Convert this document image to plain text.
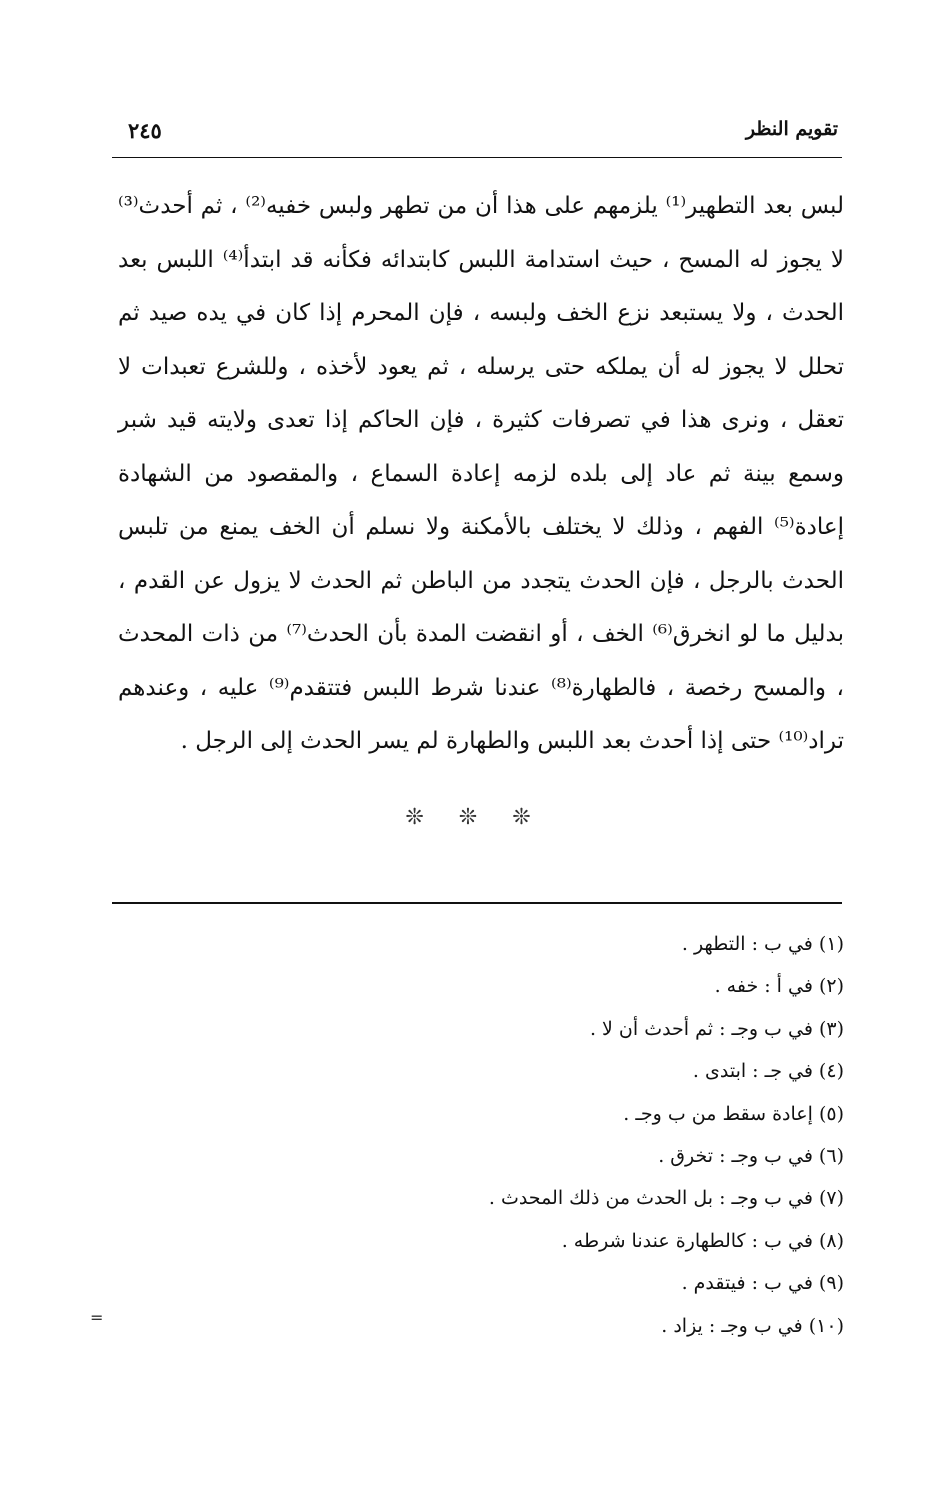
تقويم النظر
٢٤٥

لبس بعد التطهير⁽¹⁾ يلزمهم على هذا أن من تطهر ولبس خفيه⁽²⁾ ، ثم أحدث⁽³⁾ لا يجوز له المسح ، حيث استدامة اللبس كابتدائه فكأنه قد ابتدأ⁽⁴⁾ اللبس بعد الحدث ، ولا يستبعد نزع الخف ولبسه ، فإن المحرم إذا كان في يده صيد ثم تحلل لا يجوز له أن يملكه حتى يرسله ، ثم يعود لأخذه ، وللشرع تعبدات لا تعقل ، ونرى هذا في تصرفات كثيرة ، فإن الحاكم إذا تعدى ولايته قيد شبر وسمع بينة ثم عاد إلى بلده لزمه إعادة السماع ، والمقصود من الشهادة إعادة⁽⁵⁾ الفهم ، وذلك لا يختلف بالأمكنة ولا نسلم أن الخف يمنع من تلبس الحدث بالرجل ، فإن الحدث يتجدد من الباطن ثم الحدث لا يزول عن القدم ، بدليل ما لو انخرق⁽⁶⁾ الخف ، أو انقضت المدة بأن الحدث⁽⁷⁾ من ذات المحدث ، والمسح رخصة ، فالطهارة⁽⁸⁾ عندنا شرط اللبس فتتقدم⁽⁹⁾ عليه ، وعندهم تراد⁽¹⁰⁾ حتى إذا أحدث بعد اللبس والطهارة لم يسر الحدث إلى الرجل .

❊ ❊ ❊
(١) في ب : التطهر .
(٢) في أ : خفه .
(٣) في ب وجـ : ثم أحدث أن لا .
(٤) في جـ : ابتدى .
(٥) إعادة سقط من ب وجـ .
(٦) في ب وجـ : تخرق .
(٧) في ب وجـ : بل الحدث من ذلك المحدث .
(٨) في ب : كالطهارة عندنا شرطه .
(٩) في ب : فيتقدم .
(١٠) في ب وجـ : يزاد .
=
